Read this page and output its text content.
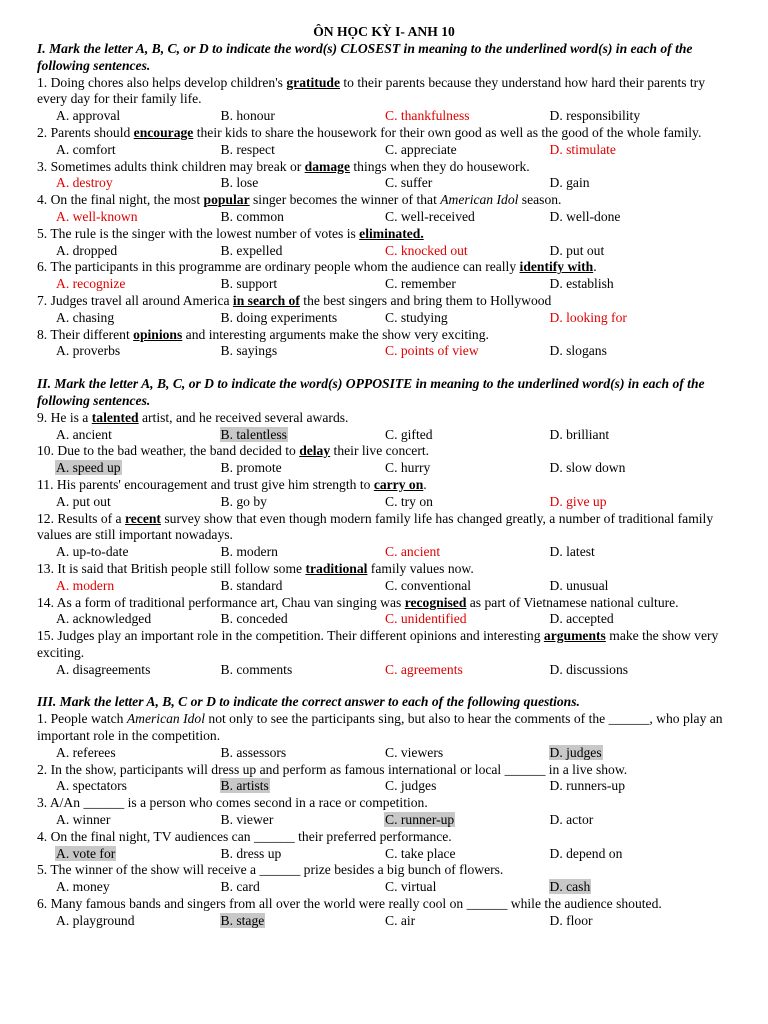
ÔN HỌC KỲ I- ANH 10

I. Mark the letter A, B, C, or D to indicate the word(s) CLOSEST in meaning to the underlined word(s) in each of the following sentences.

1. Doing chores also helps develop children's gratitude to their parents because they understand how hard their parents try every day for their family life.

A. approval	B. honour	C. thankfulness	D. responsibility

2. Parents should encourage their kids to share the housework for their own good as well as the good of the whole family.

A. comfort	B. respect	C. appreciate	D. stimulate

3. Sometimes adults think children may break or damage things when they do housework.

A. destroy	B. lose	C. suffer	D. gain

4. On the final night, the most popular singer becomes the winner of that American Idol season.

A. well-known	B. common	C. well-received	D. well-done

5. The rule is the singer with the lowest number of votes is eliminated.

A. dropped	B. expelled	C. knocked out	D. put out

6. The participants in this programme are ordinary people whom the audience can really identify with.

A. recognize	B. support	C. remember	D. establish

7. Judges travel all around America in search of the best singers and bring them to Hollywood

A. chasing	B. doing experiments	C. studying	D. looking for

8. Their different opinions and interesting arguments make the show very exciting.

A. proverbs	B. sayings	C. points of view	D. slogans

II. Mark the letter A, B, C, or D to indicate the word(s) OPPOSITE in meaning to the underlined word(s) in each of the following sentences.

9. He is a talented artist, and he received several awards.

A. ancient	B. talentless	C. gifted	D. brilliant

10. Due to the bad weather, the band decided to delay their live concert.

A. speed up	B. promote	C. hurry	D. slow down

11. His parents' encouragement and trust give him strength to carry on.

A. put out	B. go by	C. try on	D. give up

12. Results of a recent survey show that even though modern family life has changed greatly, a number of traditional family values are still important nowadays.

A. up-to-date	B. modern	C. ancient	D. latest

13. It is said that British people still follow some traditional family values now.

A. modern	B. standard	C. conventional	D. unusual

14. As a form of traditional performance art, Chau van singing was recognised as part of Vietnamese national culture.

A. acknowledged	B. conceded	C. unidentified	D. accepted

15. Judges play an important role in the competition. Their different opinions and interesting arguments make the show very exciting.

A. disagreements	B. comments	C. agreements	D. discussions

III. Mark the letter A, B, C or D to indicate the correct answer to each of the following questions.

1. People watch American Idol not only to see the participants sing, but also to hear the comments of the ______, who play an important role in the competition.

A. referees	B. assessors	C. viewers	D. judges

2. In the show, participants will dress up and perform as famous international or local ______ in a live show.

A. spectators	B. artists	C. judges	D. runners-up

3. A/An ______ is a person who comes second in a race or competition.

A. winner	B. viewer	C. runner-up	D. actor

4. On the final night, TV audiences can ______ their preferred performance.

A. vote for	B. dress up	C. take place	D. depend on

5. The winner of the show will receive a ______ prize besides a big bunch of flowers.

A. money	B. card	C. virtual	D. cash

6. Many famous bands and singers from all over the world were really cool on ______ while the audience shouted.

A. playground	B. stage	C. air	D. floor
